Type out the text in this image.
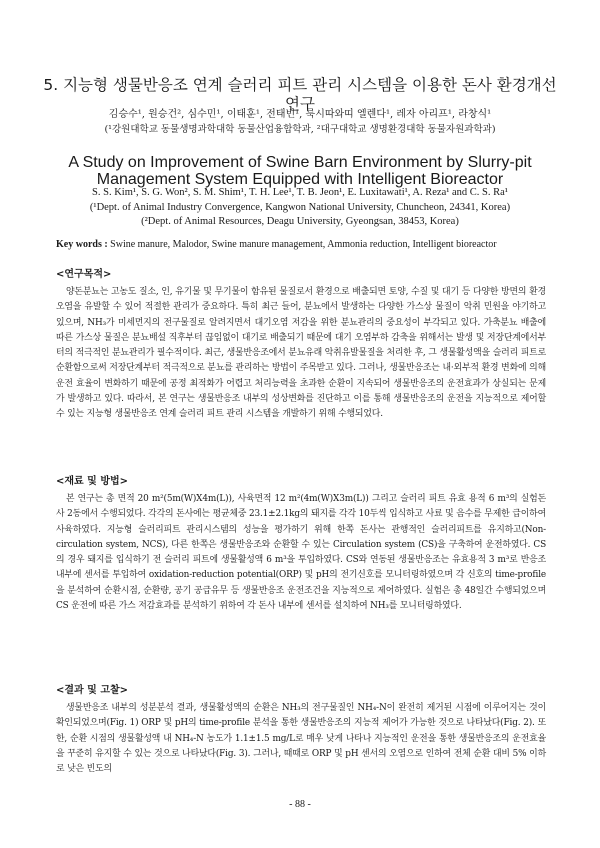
5. 지능형 생물반응조 연계 슬러리 피트 관리 시스템을 이용한 돈사 환경개선 연구
김승수¹, 원승건², 심수민¹, 이태훈¹, 전태빈¹, 룩시따와띠 엘렌다¹, 레자 아리프¹, 라창식¹
(¹강원대학교 동물생명과학대학 동물산업융합학과, ²대구대학교 생명환경대학 동물자원과학과)
A Study on Improvement of Swine Barn Environment by Slurry-pit Management System Equipped with Intelligent Bioreactor
S. S. Kim¹, S. G. Won², S. M. Shim¹, T. H. Lee¹, T. B. Jeon¹, E. Luxitawati¹, A. Reza¹ and C. S. Ra¹
(¹Dept. of Animal Industry Convergence, Kangwon National University, Chuncheon, 24341, Korea)
(²Dept. of Animal Resources, Deagu University, Gyeongsan, 38453, Korea)
Key words : Swine manure, Malodor, Swine manure management, Ammonia reduction, Intelligent bioreactor
<연구목적>

양돈분뇨는 고농도 질소, 인, 유기물 및 무기물이 함유된 물질로서 환경으로 배출되면 토양, 수질 및 대기 등 다양한 방면의 환경오염을 유발할 수 있어 적절한 관리가 중요하다. 특히 최근 들어, 분뇨에서 발생하는 다양한 가스상 물질이 악취 민원을 야기하고 있으며, NH₃가 미세먼지의 전구물질로 알려지면서 대기오염 저감을 위한 분뇨관리의 중요성이 부각되고 있다. 가축분뇨 배출에 따른 가스상 물질은 분뇨배설 직후부터 끊임없이 대기로 배출되기 때문에 대기 오염부하 감축을 위해서는 발생 및 저장단계에서부터의 적극적인 분뇨관리가 필수적이다. 최근, 생물반응조에서 분뇨유래 악취유발물질을 처리한 후, 그 생물활성액을 슬러리 피트로 순환함으로써 저장단계부터 적극적으로 분뇨를 관리하는 방법이 주목받고 있다. 그러나, 생물반응조는 내·외부적 환경 변화에 의해 운전 효율이 변화하기 때문에 공정 최적화가 어렵고 처리능력을 초과한 순환이 지속되어 생물반응조의 운전효과가 상실되는 문제가 발생하고 있다. 따라서, 본 연구는 생물반응조 내부의 성상변화를 진단하고 이를 통해 생물반응조의 운전을 지능적으로 제어할 수 있는 지능형 생물반응조 연계 슬러리 피트 관리 시스템을 개발하기 위해 수행되었다.

<재료 및 방법>

본 연구는 총 면적 20 m²(5m(W)X4m(L)), 사육면적 12 m²(4m(W)X3m(L)) 그리고 슬러리 피트 유효 용적 6 m³의 실험돈사 2동에서 수행되었다. 각각의 돈사에는 평균체중 23.1±2.1kg의 돼지를 각각 10두씩 입식하고 사료 및 음수를 무제한 급이하여 사육하였다. 지능형 슬러리피트 관리시스템의 성능을 평가하기 위해 한쪽 돈사는 관행적인 슬러리피트를 유지하고(Non-circulation system, NCS), 다른 한쪽은 생물반응조와 순환할 수 있는 Circulation system (CS)을 구축하여 운전하였다. CS의 경우 돼지를 입식하기 전 슬러리 피트에 생물활성액 6 m³을 투입하였다. CS와 연동된 생물반응조는 유효용적 3 m³로 반응조 내부에 센서를 투입하여 oxidation-reduction potential(ORP) 및 pH의 전기신호를 모니터링하였으며 각 신호의 time-profile을 분석하여 순환시점, 순환량, 공기 공급유무 등 생물반응조 운전조건을 지능적으로 제어하였다. 실험은 총 48일간 수행되었으며 CS 운전에 따른 가스 저감효과를 분석하기 위하여 각 돈사 내부에 센서를 설치하여 NH₃를 모니터링하였다.

<결과 및 고찰>

생물반응조 내부의 성분분석 결과, 생물활성액의 순환은 NH₃의 전구물질인 NH₄-N이 완전히 제거된 시점에 이루어지는 것이 확인되었으며(Fig. 1) ORP 및 pH의 time-profile 분석을 통한 생물반응조의 지능적 제어가 가능한 것으로 나타났다(Fig. 2). 또한, 순환 시점의 생물활성액 내 NH₄-N 농도가 1.1±1.5 mg/L로 매우 낮게 나타나 지능적인 운전을 통한 생물반응조의 운전효율을 꾸준히 유지할 수 있는 것으로 나타났다(Fig. 3). 그러나, 때때로 ORP 및 pH 센서의 오염으로 인하여 전체 순환 대비 5% 이하로 낮은 빈도의

- 88 -
